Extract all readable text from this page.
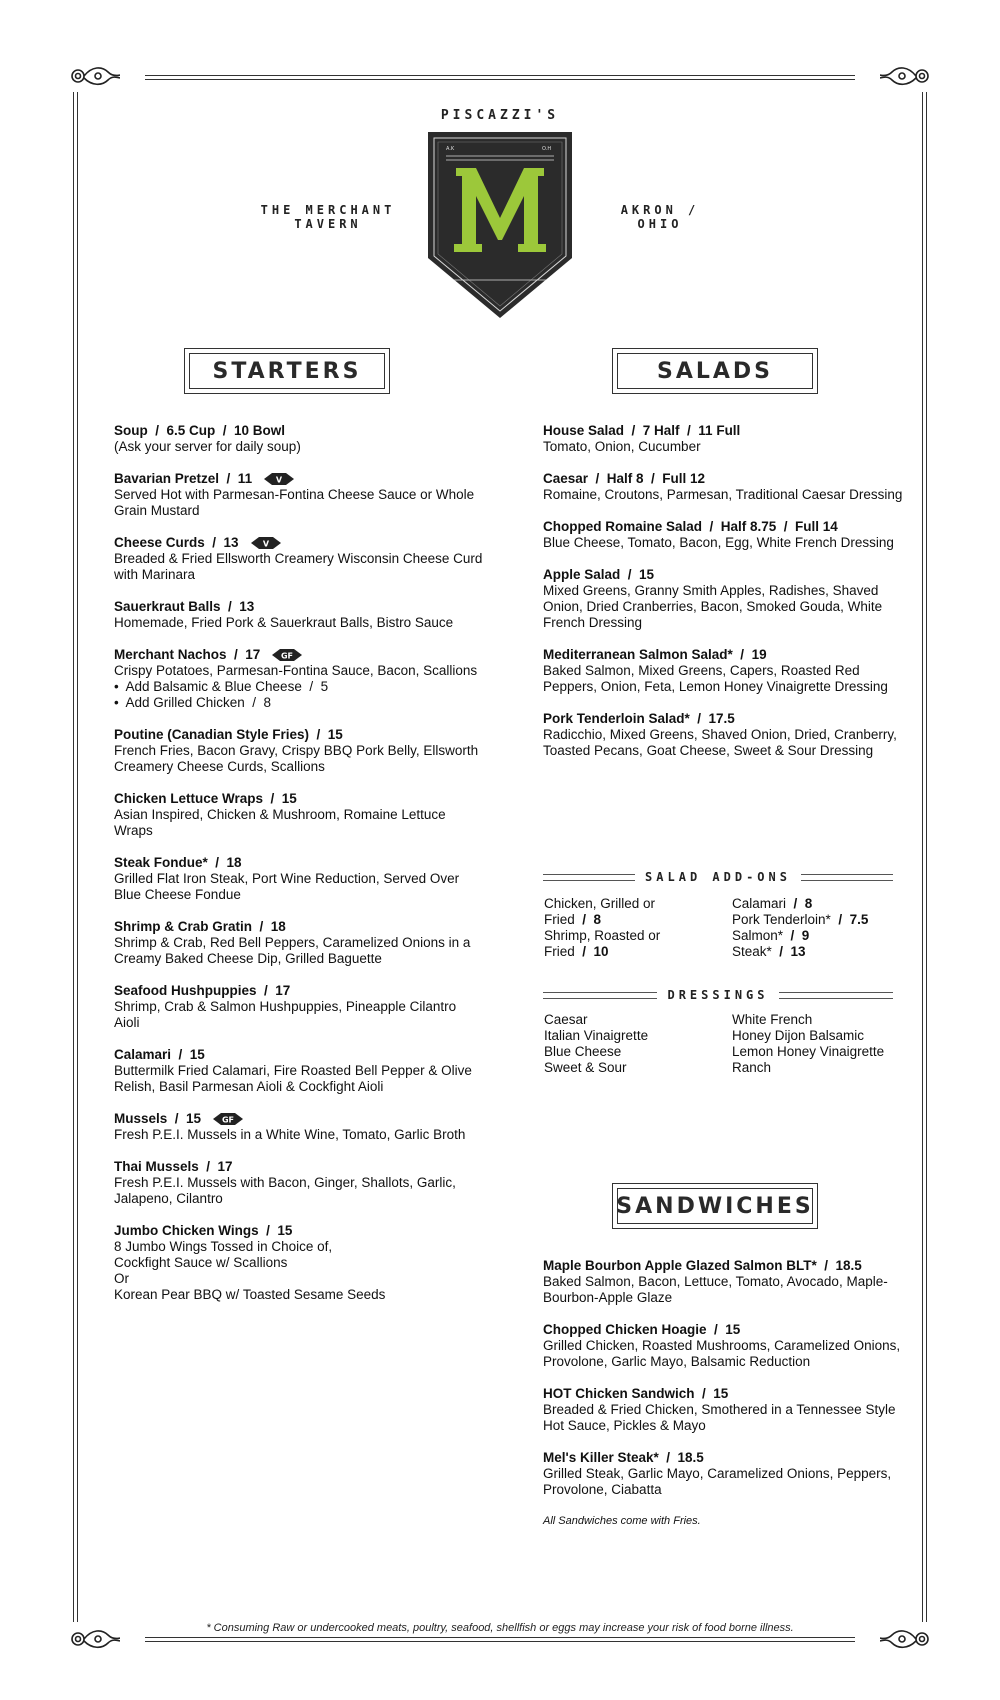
PISCAZZI'S
THE MERCHANT TAVERN
AKRON / OHIO
A.K	O.H
STARTERS	SALADS
SANDWICHES
Soup  /  6.5 Cup  /  10 Bowl
(Ask your server for daily soup)
Bavarian Pretzel  /  11	V
Served Hot with Parmesan-Fontina Cheese Sauce or Whole Grain Mustard
Cheese Curds  /  13	V
Breaded & Fried Ellsworth Creamery Wisconsin Cheese Curd with Marinara
Sauerkraut Balls  /  13
Homemade, Fried Pork & Sauerkraut Balls, Bistro Sauce
Merchant Nachos  /  17	GF
Crispy Potatoes, Parmesan-Fontina Sauce, Bacon, Scallions
•  Add Balsamic & Blue Cheese  /  5
•  Add Grilled Chicken  /  8
Poutine (Canadian Style Fries)  /  15
French Fries, Bacon Gravy, Crispy BBQ Pork Belly, Ellsworth Creamery Cheese Curds, Scallions
Chicken Lettuce Wraps  /  15
Asian Inspired, Chicken & Mushroom, Romaine Lettuce Wraps
Steak Fondue*  /  18
Grilled Flat Iron Steak, Port Wine Reduction, Served Over Blue Cheese Fondue
Shrimp & Crab Gratin  /  18
Shrimp & Crab, Red Bell Peppers, Caramelized Onions in a Creamy Baked Cheese Dip, Grilled Baguette
Seafood Hushpuppies  /  17
Shrimp, Crab & Salmon Hushpuppies, Pineapple Cilantro Aioli
Calamari  /  15
Buttermilk Fried Calamari, Fire Roasted Bell Pepper & Olive Relish, Basil Parmesan Aioli & Cockfight Aioli
Mussels  /  15	GF
Fresh P.E.I. Mussels in a White Wine, Tomato, Garlic Broth
Thai Mussels  /  17
Fresh P.E.I. Mussels with Bacon, Ginger, Shallots, Garlic, Jalapeno, Cilantro
Jumbo Chicken Wings  /  15
8 Jumbo Wings Tossed in Choice of,
Cockfight Sauce w/ Scallions
Or
Korean Pear BBQ w/ Toasted Sesame Seeds
House Salad  /  7 Half  /  11 Full
Tomato, Onion, Cucumber
Caesar  /  Half 8  /  Full 12
Romaine, Croutons, Parmesan, Traditional Caesar Dressing
Chopped Romaine Salad  /  Half 8.75  /  Full 14
Blue Cheese, Tomato, Bacon, Egg, White French Dressing
Apple Salad  /  15
Mixed Greens, Granny Smith Apples, Radishes, Shaved Onion, Dried Cranberries, Bacon, Smoked Gouda, White French Dressing
Mediterranean Salmon Salad*  /  19
Baked Salmon, Mixed Greens, Capers, Roasted Red Peppers, Onion, Feta, Lemon Honey Vinaigrette Dressing
Pork Tenderloin Salad*  /  17.5
Radicchio, Mixed Greens, Shaved Onion, Dried, Cranberry, Toasted Pecans, Goat Cheese, Sweet & Sour Dressing
SALAD ADD-ONS
Chicken, Grilled or
Fried  /  8
Shrimp, Roasted or
Fried  /  10
Calamari  /  8
Pork Tenderloin*  /  7.5
Salmon*  /  9
Steak*  /  13
DRESSINGS
Caesar
Italian Vinaigrette
Blue Cheese
Sweet & Sour
White French
Honey Dijon Balsamic
Lemon Honey Vinaigrette
Ranch
Maple Bourbon Apple Glazed Salmon BLT*  /  18.5
Baked Salmon, Bacon, Lettuce, Tomato, Avocado, Maple-Bourbon-Apple Glaze
Chopped Chicken Hoagie  /  15
Grilled Chicken, Roasted Mushrooms, Caramelized Onions, Provolone, Garlic Mayo, Balsamic Reduction
HOT Chicken Sandwich  /  15
Breaded & Fried Chicken, Smothered in a Tennessee Style Hot Sauce, Pickles & Mayo
Mel's Killer Steak*  /  18.5
Grilled Steak, Garlic Mayo, Caramelized Onions, Peppers, Provolone, Ciabatta
All Sandwiches come with Fries.
* Consuming Raw or undercooked meats, poultry, seafood, shellfish or eggs may increase your risk of food borne illness.
